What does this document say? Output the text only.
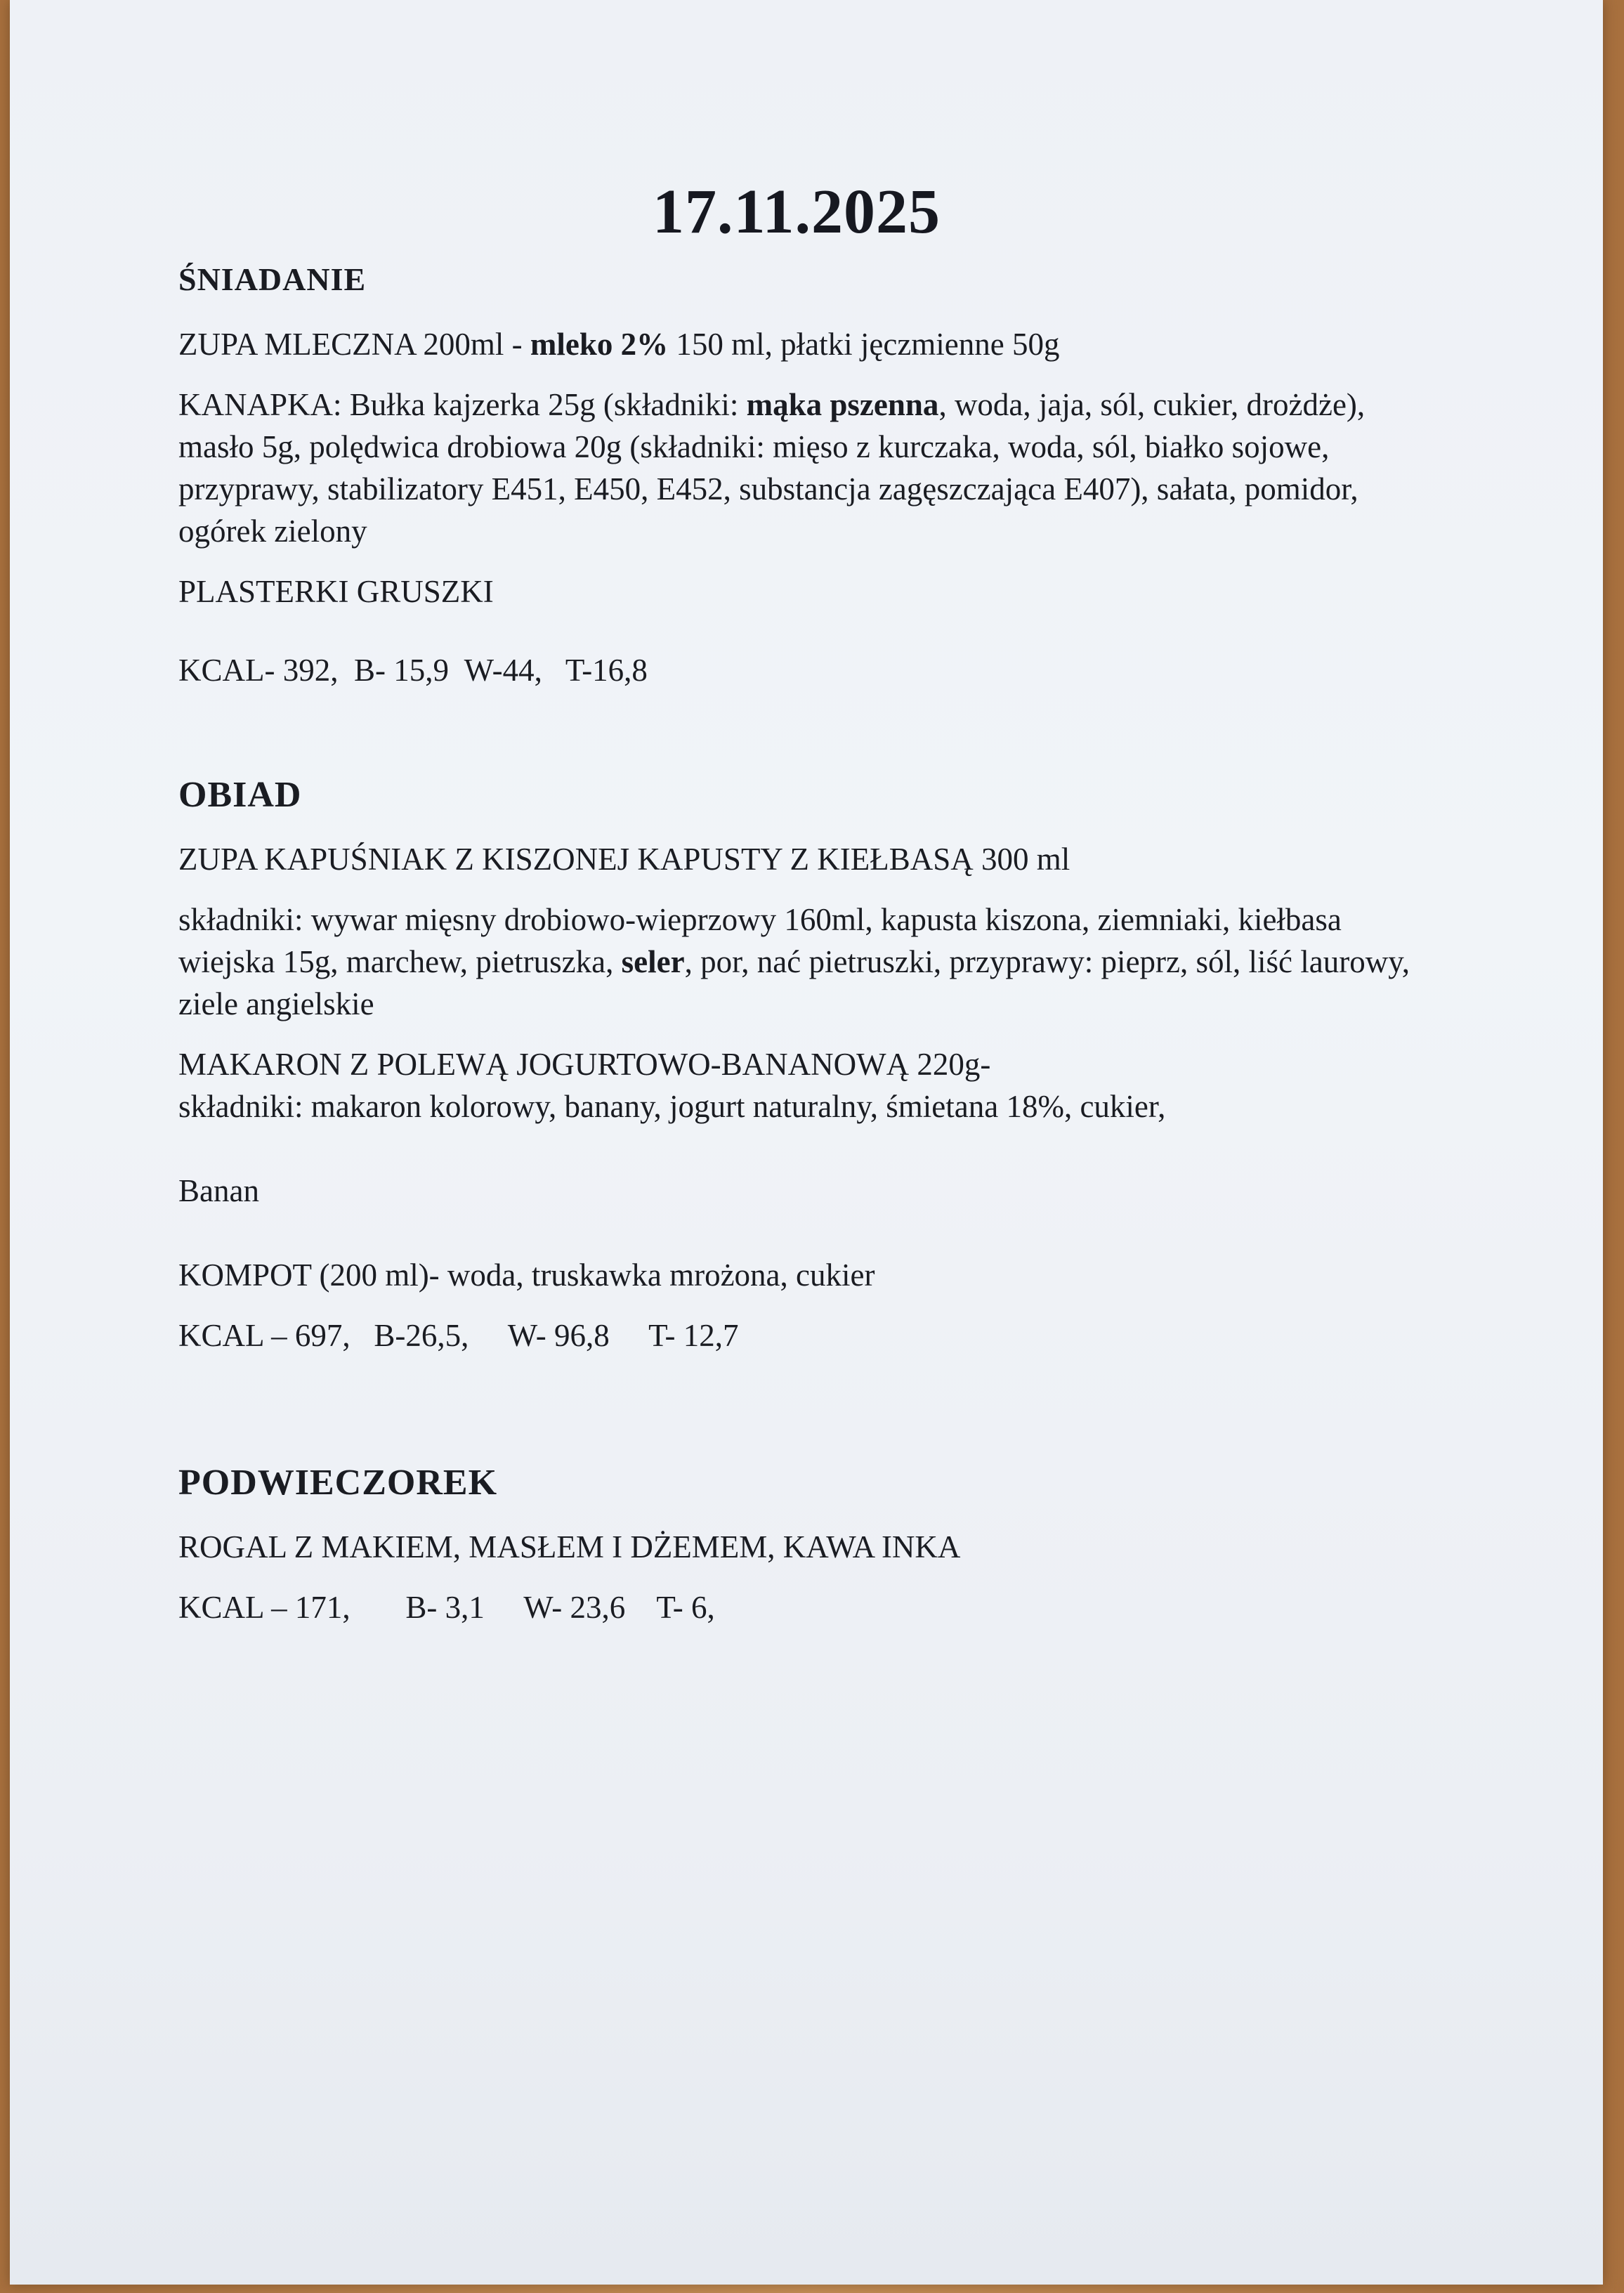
17.11.2025
ŚNIADANIE

ZUPA MLECZNA 200ml - mleko 2% 150 ml, płatki jęczmienne 50g

KANAPKA: Bułka kajzerka 25g (składniki: mąka pszenna, woda, jaja, sól, cukier, drożdże), masło 5g, polędwica drobiowa 20g (składniki: mięso z kurczaka, woda, sól, białko sojowe, przyprawy, stabilizatory E451, E450, E452, substancja zagęszczająca E407), sałata, pomidor, ogórek zielony

PLASTERKI GRUSZKI

KCAL- 392,  B- 15,9  W-44,   T-16,8

OBIAD

ZUPA KAPUŚNIAK Z KISZONEJ KAPUSTY Z KIEŁBASĄ 300 ml

składniki: wywar mięsny drobiowo-wieprzowy 160ml, kapusta kiszona, ziemniaki, kiełbasa wiejska 15g, marchew, pietruszka, seler, por, nać pietruszki, przyprawy: pieprz, sól, liść laurowy, ziele angielskie

MAKARON Z POLEWĄ JOGURTOWO-BANANOWĄ 220g-

składniki: makaron kolorowy, banany, jogurt naturalny, śmietana 18%, cukier,

Banan

KOMPOT (200 ml)- woda, truskawka mrożona, cukier

KCAL – 697,   B-26,5,     W- 96,8     T- 12,7

PODWIECZOREK

ROGAL Z MAKIEM, MASŁEM I DŻEMEM, KAWA INKA

KCAL – 171,       B- 3,1     W- 23,6    T- 6,
